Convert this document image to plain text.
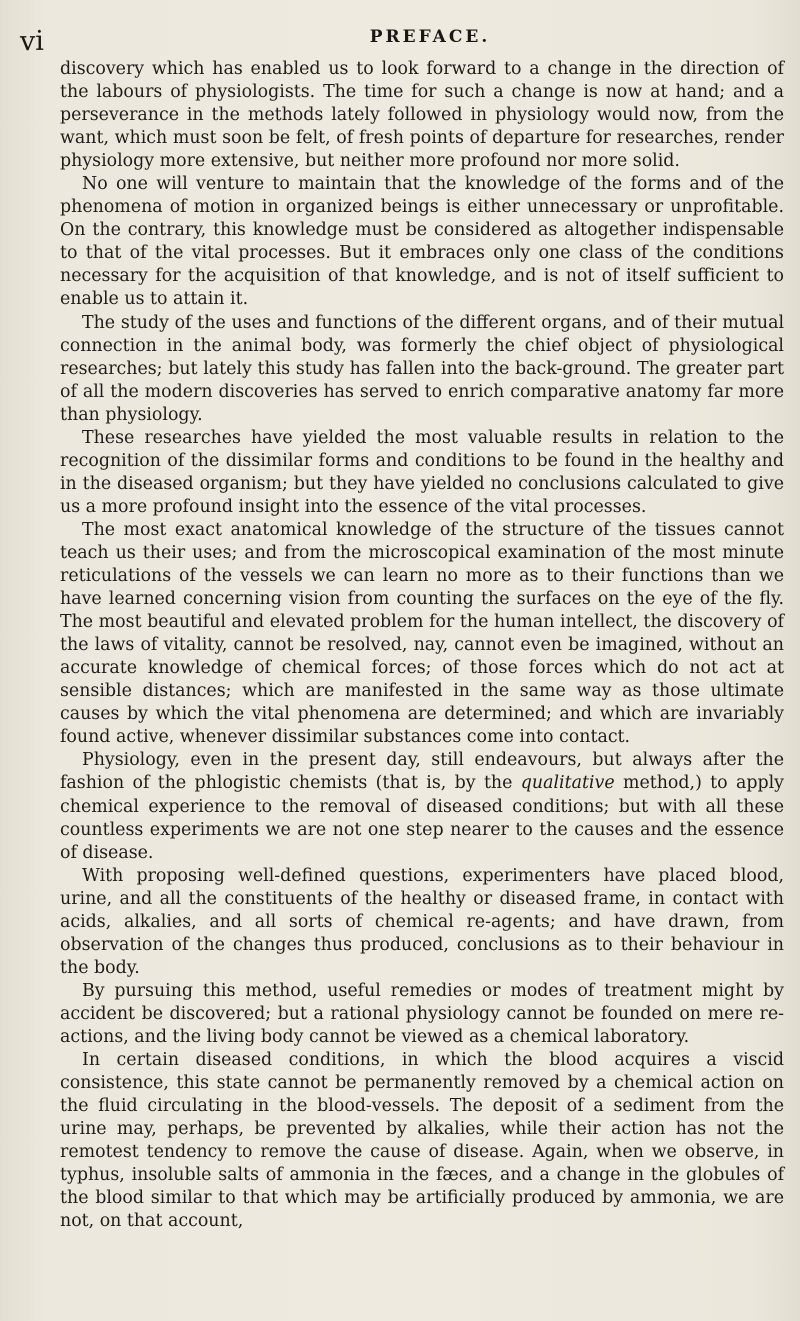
vi	PREFACE.

discovery which has enabled us to look forward to a change in the direction of the labours of physiologists. The time for such a change is now at hand; and a perseverance in the methods lately followed in physiology would now, from the want, which must soon be felt, of fresh points of departure for researches, render physiology more extensive, but neither more profound nor more solid.

No one will venture to maintain that the knowledge of the forms and of the phenomena of motion in organized beings is either unnecessary or unprofitable. On the contrary, this knowledge must be considered as altogether indispensable to that of the vital processes. But it embraces only one class of the conditions necessary for the acquisition of that knowledge, and is not of itself sufficient to enable us to attain it.

The study of the uses and functions of the different organs, and of their mutual connection in the animal body, was formerly the chief object of physiological researches; but lately this study has fallen into the back-ground. The greater part of all the modern discoveries has served to enrich comparative anatomy far more than physiology.

These researches have yielded the most valuable results in relation to the recognition of the dissimilar forms and conditions to be found in the healthy and in the diseased organism; but they have yielded no conclusions calculated to give us a more profound insight into the essence of the vital processes.

The most exact anatomical knowledge of the structure of the tissues cannot teach us their uses; and from the microscopical examination of the most minute reticulations of the vessels we can learn no more as to their functions than we have learned concerning vision from counting the surfaces on the eye of the fly. The most beautiful and elevated problem for the human intellect, the discovery of the laws of vitality, cannot be resolved, nay, cannot even be imagined, without an accurate knowledge of chemical forces; of those forces which do not act at sensible distances; which are manifested in the same way as those ultimate causes by which the vital phenomena are determined; and which are invariably found active, whenever dissimilar substances come into contact.

Physiology, even in the present day, still endeavours, but always after the fashion of the phlogistic chemists (that is, by the qualitative method,) to apply chemical experience to the removal of diseased conditions; but with all these countless experiments we are not one step nearer to the causes and the essence of disease.

With proposing well-defined questions, experimenters have placed blood, urine, and all the constituents of the healthy or diseased frame, in contact with acids, alkalies, and all sorts of chemical re-agents; and have drawn, from observation of the changes thus produced, conclusions as to their behaviour in the body.

By pursuing this method, useful remedies or modes of treatment might by accident be discovered; but a rational physiology cannot be founded on mere re-actions, and the living body cannot be viewed as a chemical laboratory.

In certain diseased conditions, in which the blood acquires a viscid consistence, this state cannot be permanently removed by a chemical action on the fluid circulating in the blood-vessels. The deposit of a sediment from the urine may, perhaps, be prevented by alkalies, while their action has not the remotest tendency to remove the cause of disease. Again, when we observe, in typhus, insoluble salts of ammonia in the fæces, and a change in the globules of the blood similar to that which may be artificially produced by ammonia, we are not, on that account,
